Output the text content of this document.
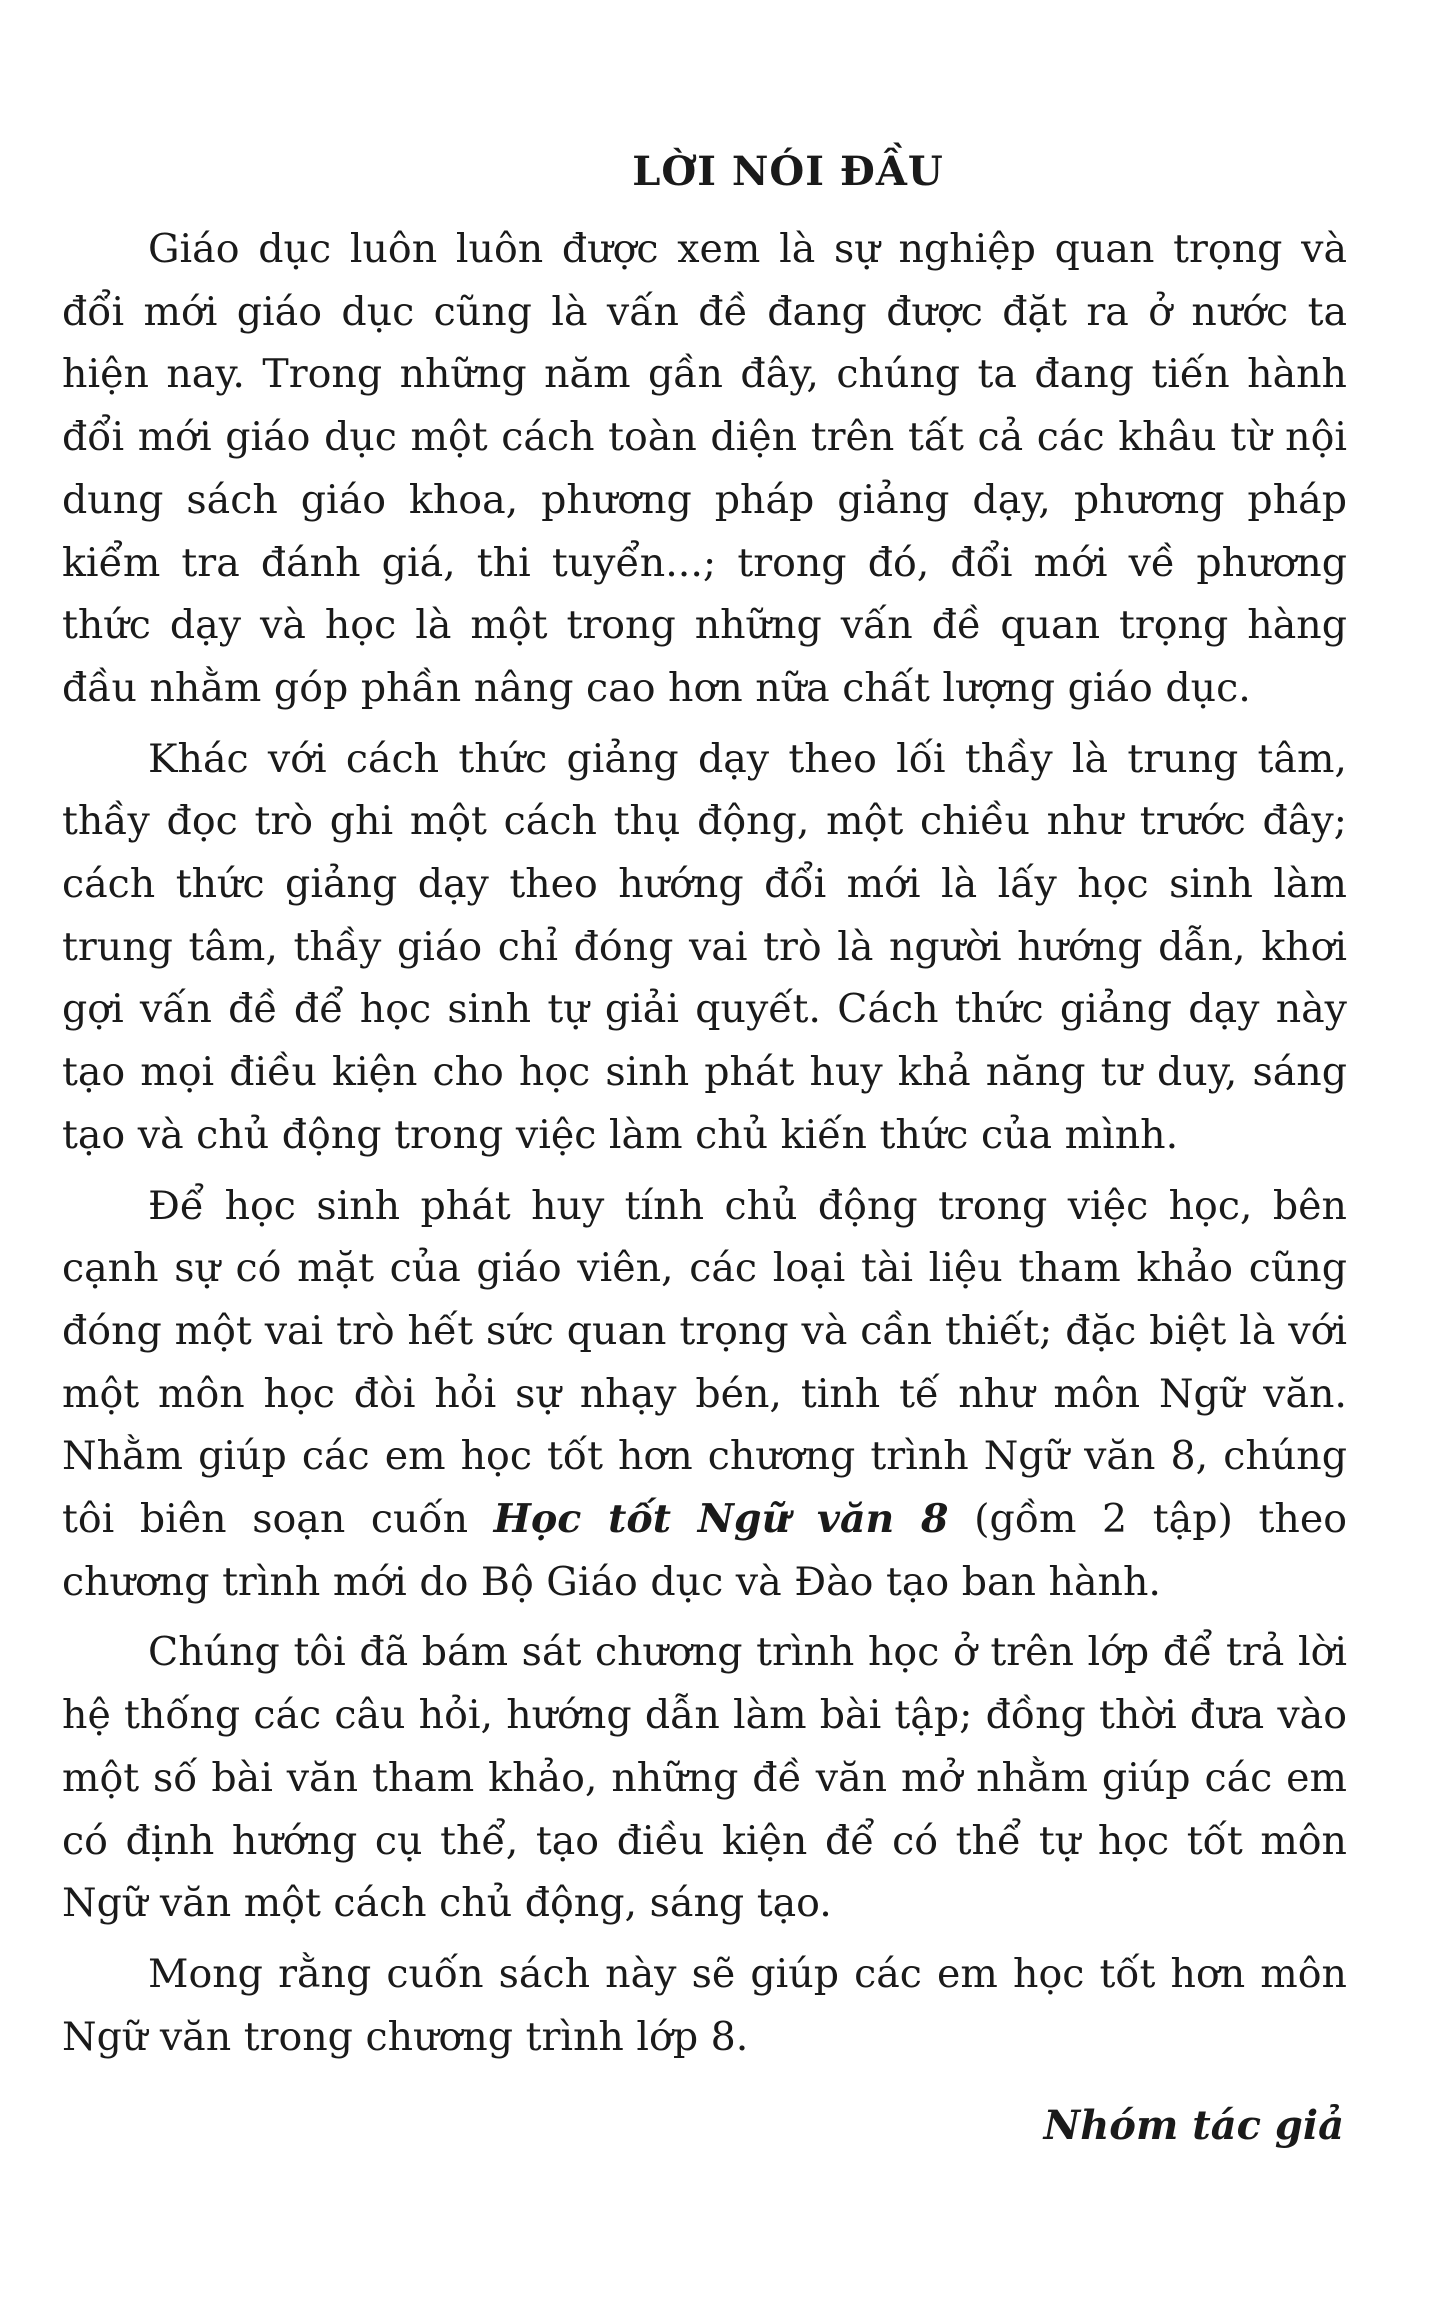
LỜI NÓI ĐẦU

Giáo dục luôn luôn được xem là sự nghiệp quan trọng và đổi mới giáo dục cũng là vấn đề đang được đặt ra ở nước ta hiện nay. Trong những năm gần đây, chúng ta đang tiến hành đổi mới giáo dục một cách toàn diện trên tất cả các khâu từ nội dung sách giáo khoa, phương pháp giảng dạy, phương pháp kiểm tra đánh giá, thi tuyển...; trong đó, đổi mới về phương thức dạy và học là một trong những vấn đề quan trọng hàng đầu nhằm góp phần nâng cao hơn nữa chất lượng giáo dục.

Khác với cách thức giảng dạy theo lối thầy là trung tâm, thầy đọc trò ghi một cách thụ động, một chiều như trước đây; cách thức giảng dạy theo hướng đổi mới là lấy học sinh làm trung tâm, thầy giáo chỉ đóng vai trò là người hướng dẫn, khơi gợi vấn đề để học sinh tự giải quyết. Cách thức giảng dạy này tạo mọi điều kiện cho học sinh phát huy khả năng tư duy, sáng tạo và chủ động trong việc làm chủ kiến thức của mình.

Để học sinh phát huy tính chủ động trong việc học, bên cạnh sự có mặt của giáo viên, các loại tài liệu tham khảo cũng đóng một vai trò hết sức quan trọng và cần thiết; đặc biệt là với một môn học đòi hỏi sự nhạy bén, tinh tế như môn Ngữ văn. Nhằm giúp các em học tốt hơn chương trình Ngữ văn 8, chúng tôi biên soạn cuốn Học tốt Ngữ văn 8 (gồm 2 tập) theo chương trình mới do Bộ Giáo dục và Đào tạo ban hành.

Chúng tôi đã bám sát chương trình học ở trên lớp để trả lời hệ thống các câu hỏi, hướng dẫn làm bài tập; đồng thời đưa vào một số bài văn tham khảo, những đề văn mở nhằm giúp các em có định hướng cụ thể, tạo điều kiện để có thể tự học tốt môn Ngữ văn một cách chủ động, sáng tạo.

Mong rằng cuốn sách này sẽ giúp các em học tốt hơn môn Ngữ văn trong chương trình lớp 8.

Nhóm tác giả
